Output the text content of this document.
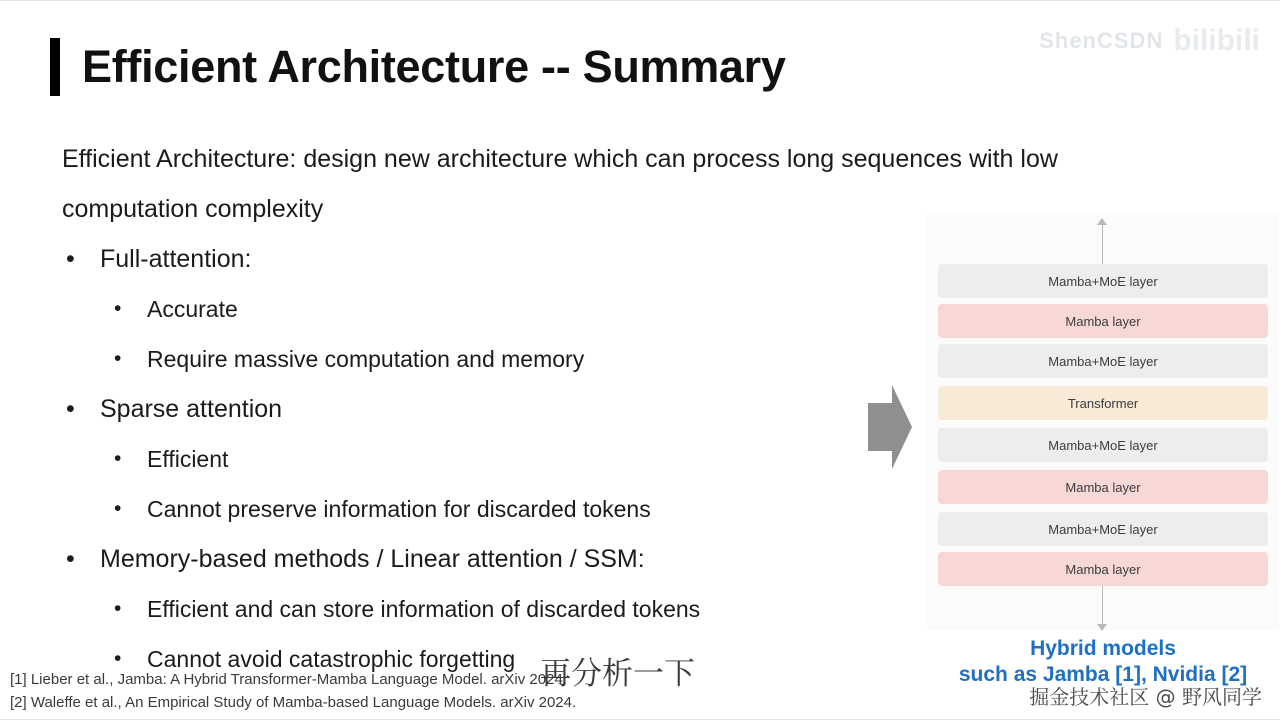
Efficient Architecture -- Summary
ShenCSDN bilibili
Efficient Architecture: design new architecture which can process long sequences with low computation complexity
• Full-attention:
• Accurate
• Require massive computation and memory
• Sparse attention
• Efficient
• Cannot preserve information for discarded tokens
• Memory-based methods / Linear attention / SSM:
• Efficient and can store information of discarded tokens
• Cannot avoid catastrophic forgetting
Mamba+MoE layer
Mamba layer
Mamba+MoE layer
Transformer
Mamba+MoE layer
Mamba layer
Mamba+MoE layer
Mamba layer
Hybrid models
such as Jamba [1], Nvidia [2]
[1] Lieber et al., Jamba: A Hybrid Transformer-Mamba Language Model. arXiv 2024.
[2] Waleffe et al., An Empirical Study of Mamba-based Language Models. arXiv 2024.
再分析一下
掘金技术社区 @ 野风同学
